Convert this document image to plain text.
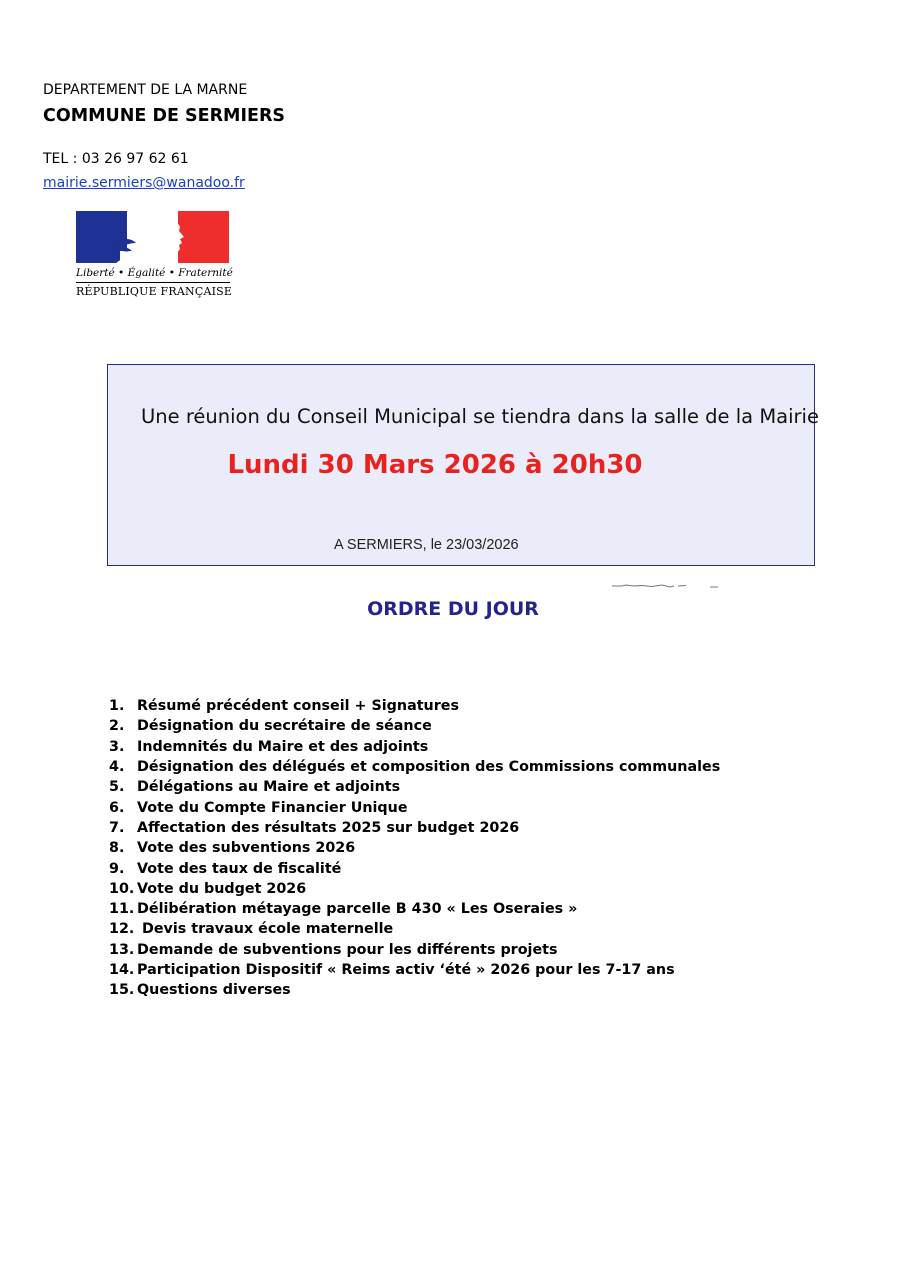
DEPARTEMENT DE LA MARNE
COMMUNE DE SERMIERS
TEL : 03 26 97 62 61
mairie.sermiers@wanadoo.fr
Liberté • Égalité • Fraternité
RÉPUBLIQUE FRANÇAISE
Une réunion du Conseil Municipal se tiendra dans la salle de la Mairie
Lundi 30 Mars 2026 à 20h30
A SERMIERS, le 23/03/2026
ORDRE DU JOUR
1. Résumé précédent conseil + Signatures
2. Désignation du secrétaire de séance
3. Indemnités du Maire et des adjoints
4. Désignation des délégués et composition des Commissions communales
5. Délégations au Maire et adjoints
6. Vote du Compte Financier Unique
7. Affectation des résultats 2025 sur budget 2026
8. Vote des subventions 2026
9. Vote des taux de fiscalité
10. Vote du budget 2026
11. Délibération métayage parcelle B 430 « Les Oseraies »
12. Devis travaux école maternelle
13. Demande de subventions pour les différents projets
14. Participation Dispositif « Reims activ ‘été » 2026 pour les 7-17 ans
15. Questions diverses
